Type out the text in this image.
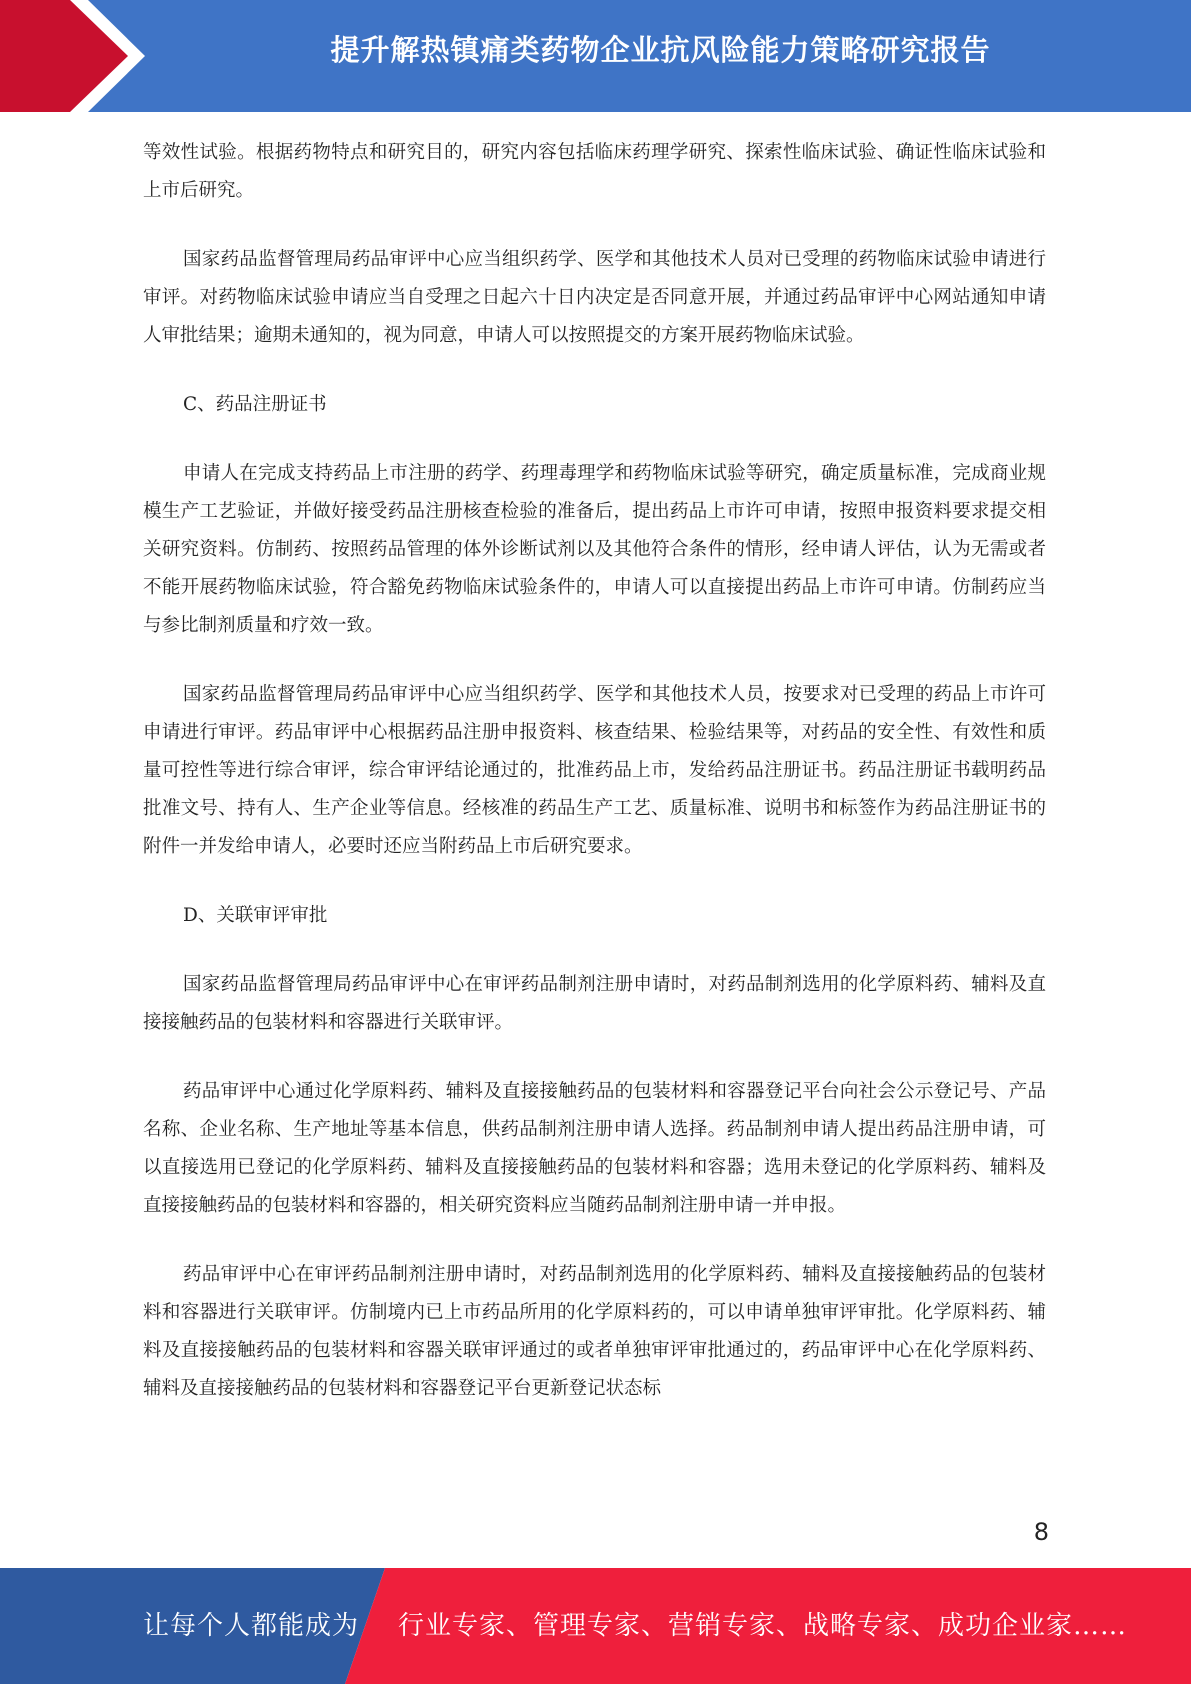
提升解热镇痛类药物企业抗风险能力策略研究报告

等效性试验。根据药物特点和研究目的，研究内容包括临床药理学研究、探索性临床试验、确证性临床试验和上市后研究。

国家药品监督管理局药品审评中心应当组织药学、医学和其他技术人员对已受理的药物临床试验申请进行审评。对药物临床试验申请应当自受理之日起六十日内决定是否同意开展，并通过药品审评中心网站通知申请人审批结果；逾期未通知的，视为同意，申请人可以按照提交的方案开展药物临床试验。

C、药品注册证书

申请人在完成支持药品上市注册的药学、药理毒理学和药物临床试验等研究，确定质量标准，完成商业规模生产工艺验证，并做好接受药品注册核查检验的准备后，提出药品上市许可申请，按照申报资料要求提交相关研究资料。仿制药、按照药品管理的体外诊断试剂以及其他符合条件的情形，经申请人评估，认为无需或者不能开展药物临床试验，符合豁免药物临床试验条件的，申请人可以直接提出药品上市许可申请。仿制药应当与参比制剂质量和疗效一致。

国家药品监督管理局药品审评中心应当组织药学、医学和其他技术人员，按要求对已受理的药品上市许可申请进行审评。药品审评中心根据药品注册申报资料、核查结果、检验结果等，对药品的安全性、有效性和质量可控性等进行综合审评，综合审评结论通过的，批准药品上市，发给药品注册证书。药品注册证书载明药品批准文号、持有人、生产企业等信息。经核准的药品生产工艺、质量标准、说明书和标签作为药品注册证书的附件一并发给申请人，必要时还应当附药品上市后研究要求。

D、关联审评审批

国家药品监督管理局药品审评中心在审评药品制剂注册申请时，对药品制剂选用的化学原料药、辅料及直接接触药品的包装材料和容器进行关联审评。

药品审评中心通过化学原料药、辅料及直接接触药品的包装材料和容器登记平台向社会公示登记号、产品名称、企业名称、生产地址等基本信息，供药品制剂注册申请人选择。药品制剂申请人提出药品注册申请，可以直接选用已登记的化学原料药、辅料及直接接触药品的包装材料和容器；选用未登记的化学原料药、辅料及直接接触药品的包装材料和容器的，相关研究资料应当随药品制剂注册申请一并申报。

药品审评中心在审评药品制剂注册申请时，对药品制剂选用的化学原料药、辅料及直接接触药品的包装材料和容器进行关联审评。仿制境内已上市药品所用的化学原料药的，可以申请单独审评审批。化学原料药、辅料及直接接触药品的包装材料和容器关联审评通过的或者单独审评审批通过的，药品审评中心在化学原料药、辅料及直接接触药品的包装材料和容器登记平台更新登记状态标

8
让每个人都能成为 行业专家、管理专家、营销专家、战略专家、成功企业家……
